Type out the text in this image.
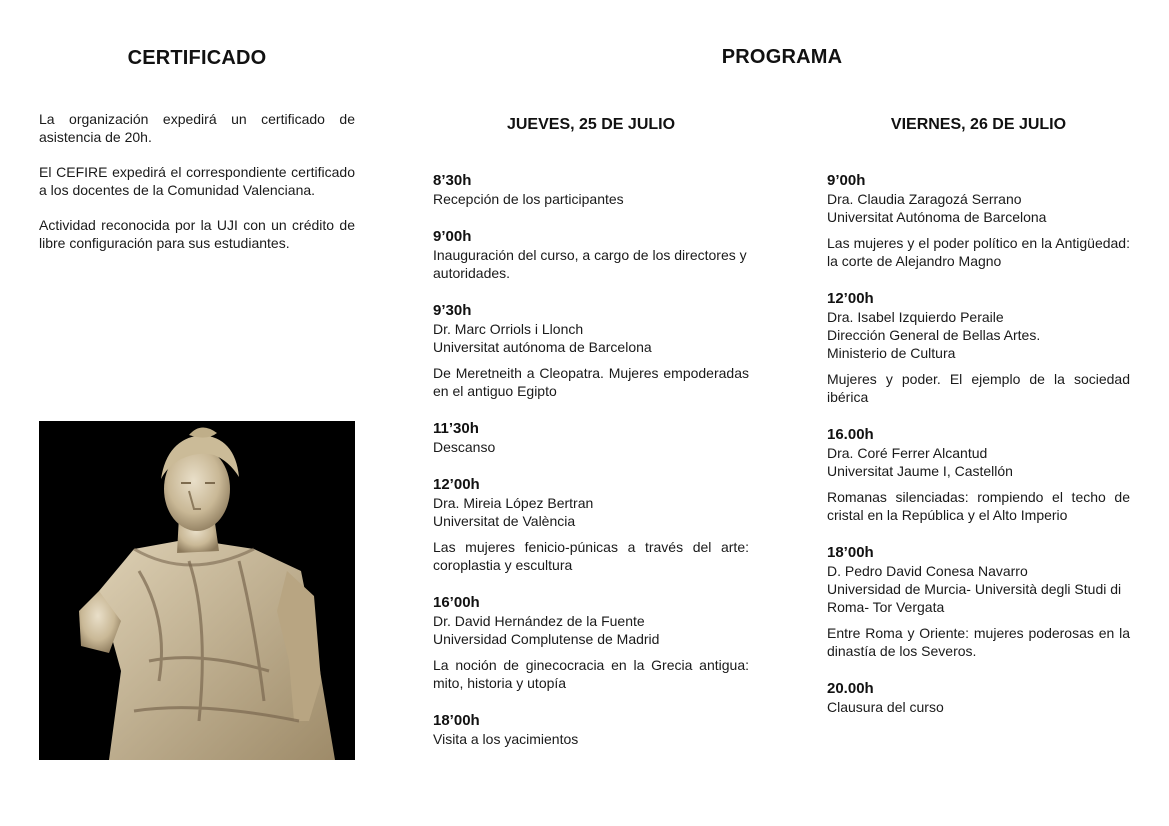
CERTIFICADO

La organización expedirá un certificado de asistencia de 20h.

El CEFIRE expedirá el correspondiente certificado a los docentes de la Comunidad Valenciana.

Actividad reconocida por la UJI con un crédito de libre configuración para sus estudiantes.

PROGRAMA
JUEVES, 25 DE JULIO	VIERNES, 26 DE JULIO
8’30h
Recepción de los participantes
9’00h
Inauguración del curso, a cargo de los directores y autoridades.
9’30h
Dr. Marc Orriols i Llonch
Universitat autónoma de Barcelona
De Meretneith a Cleopatra. Mujeres empoderadas en el antiguo Egipto
11’30h
Descanso
12’00h
Dra. Mireia López Bertran
Universitat de València
Las mujeres fenicio-púnicas a través del arte: coroplastia y escultura
16’00h
Dr. David Hernández de la Fuente
Universidad Complutense de Madrid
La noción de ginecocracia en la Grecia antigua: mito, historia y utopía
18’00h
Visita a los yacimientos
9’00h
Dra. Claudia Zaragozá Serrano
Universitat Autónoma de Barcelona
Las mujeres y el poder político en la Antigüedad: la corte de Alejandro Magno
12’00h
Dra. Isabel Izquierdo Peraile
Dirección General de Bellas Artes.
Ministerio de Cultura
Mujeres y poder. El ejemplo de la sociedad ibérica
16.00h
Dra. Coré Ferrer Alcantud
Universitat Jaume I, Castellón
Romanas silenciadas: rompiendo el techo de cristal en la República y el Alto Imperio
18’00h
D. Pedro David Conesa Navarro
Universidad de Murcia- Università degli Studi di Roma- Tor Vergata
Entre Roma y Oriente: mujeres poderosas en la dinastía de los Severos.
20.00h
Clausura del curso
